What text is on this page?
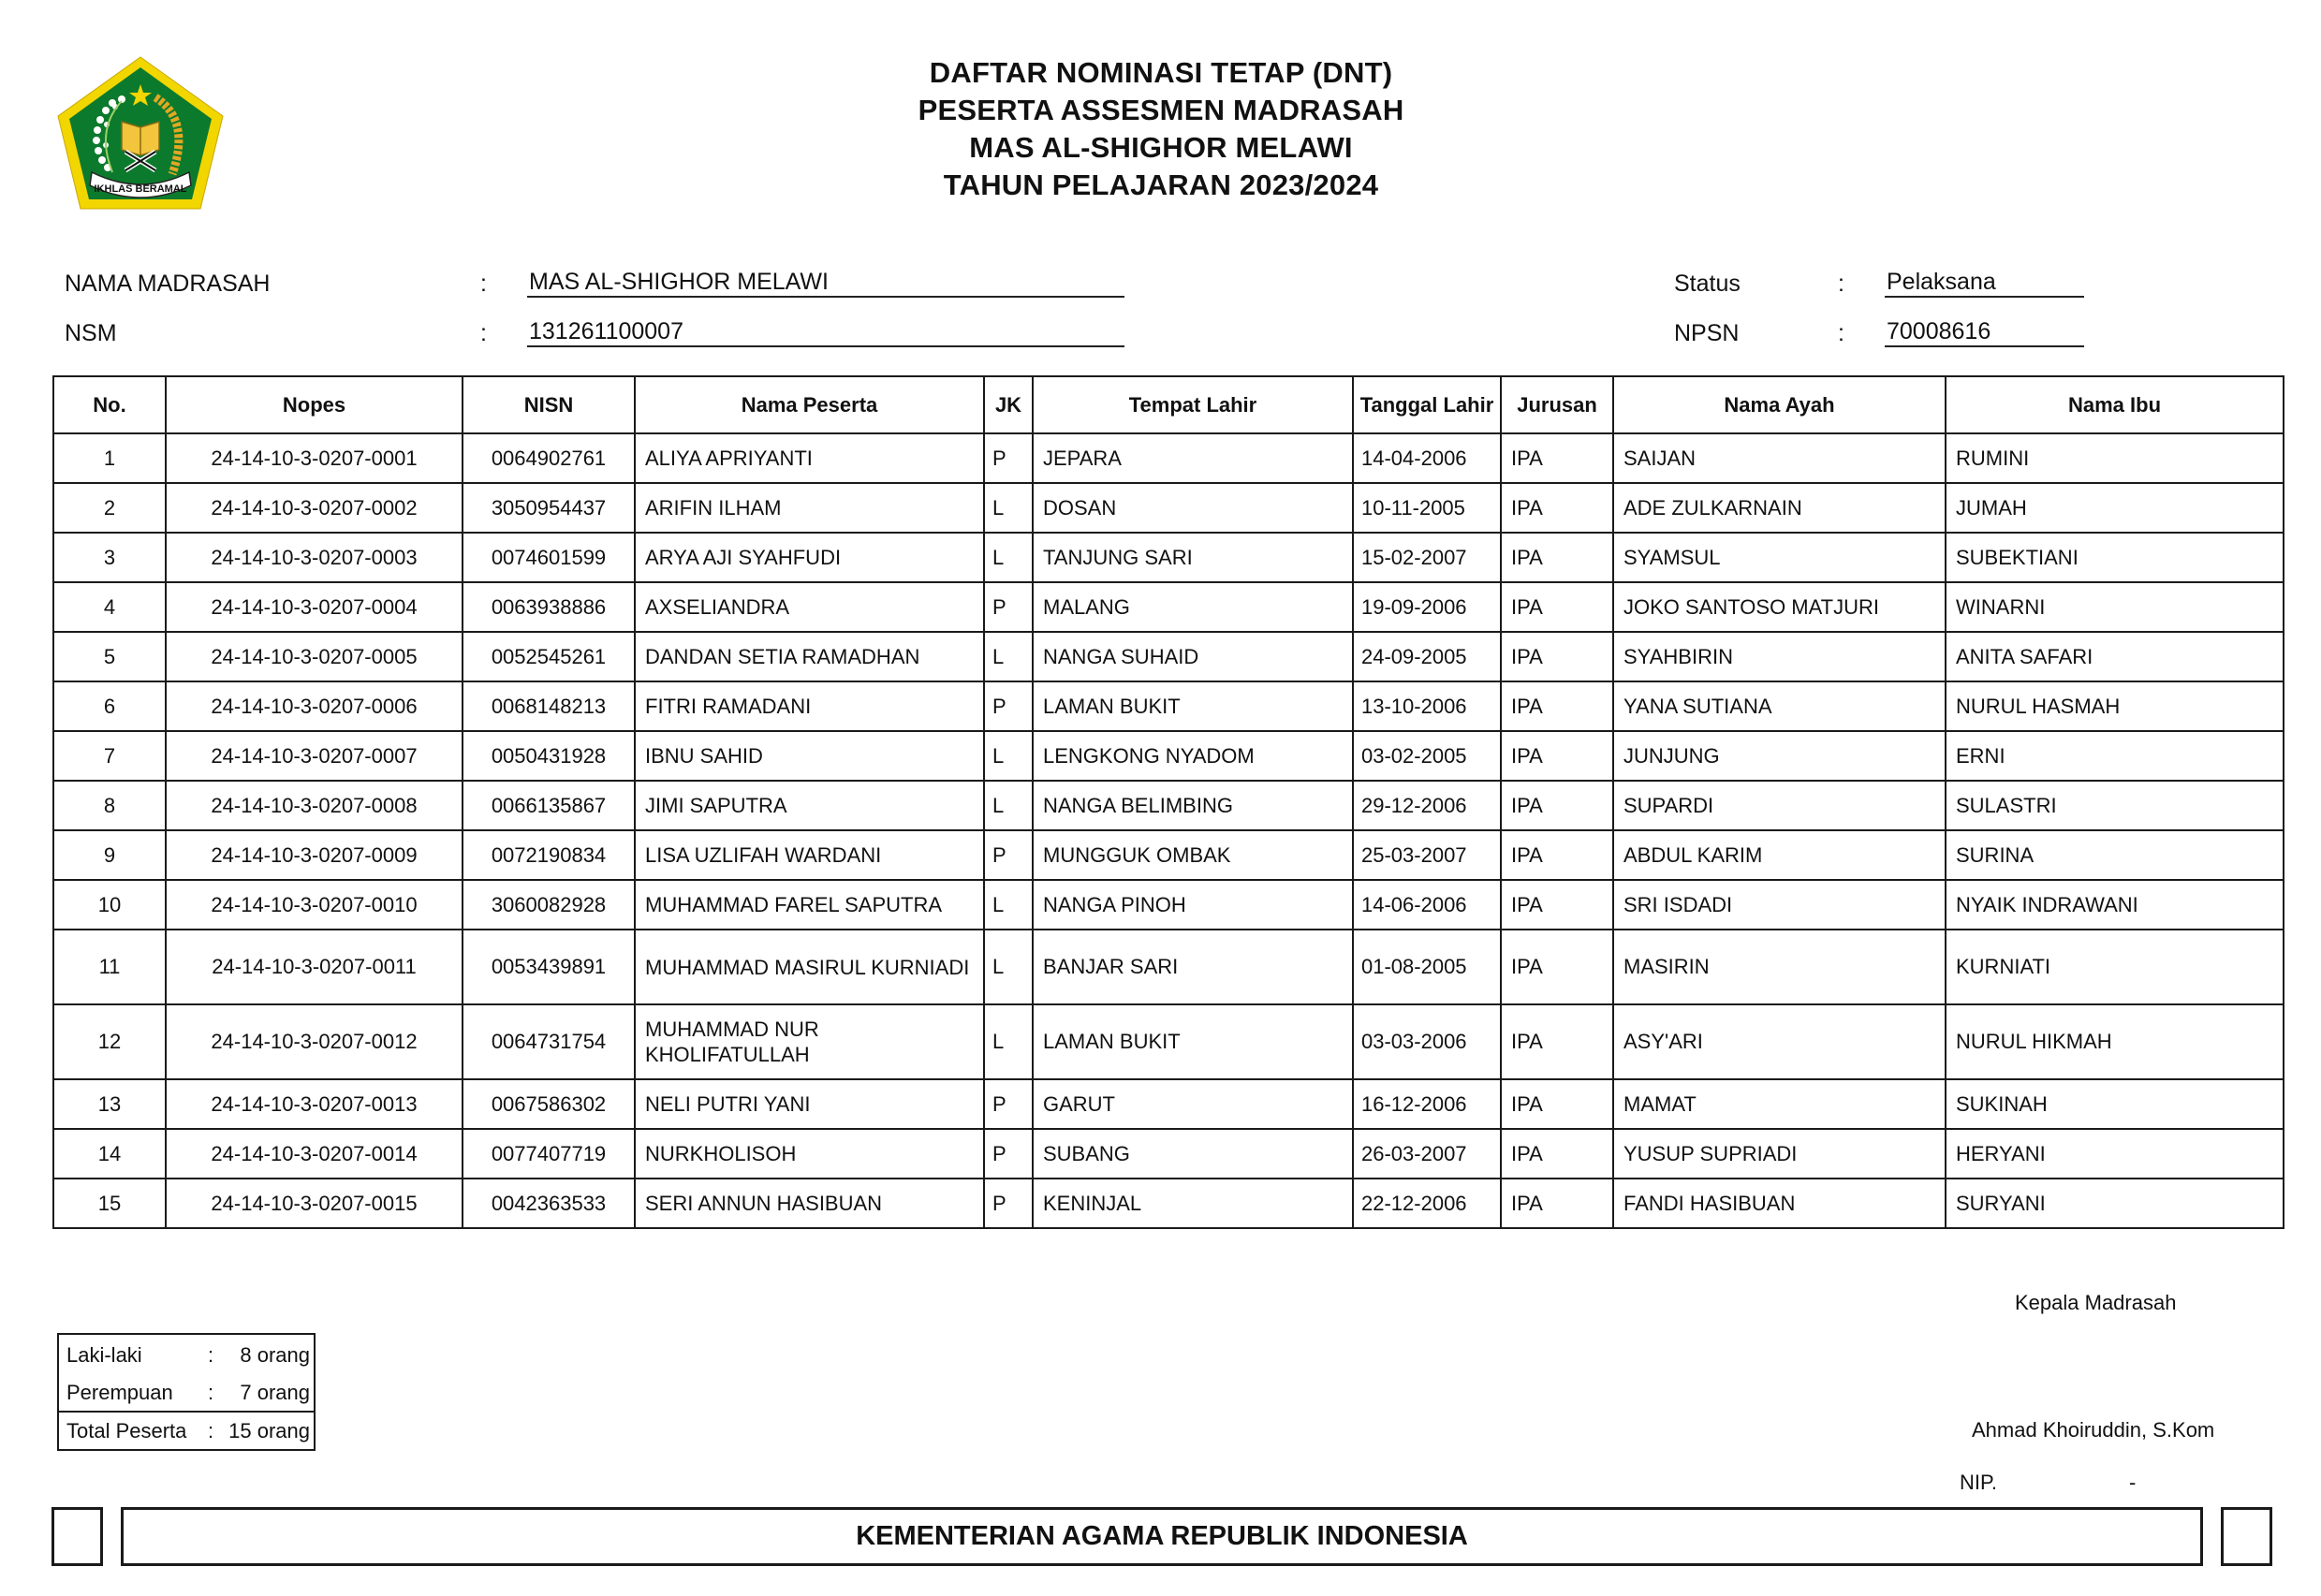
IKHLAS BERAMAL
DAFTAR NOMINASI TETAP (DNT)
PESERTA ASSESMEN MADRASAH
MAS AL-SHIGHOR MELAWI
TAHUN PELAJARAN 2023/2024
NAMA MADRASAH	: MAS AL-SHIGHOR MELAWI
NSM	: 131261100007
Status	: Pelaksana
NPSN	: 70008616
No.	Nopes	NISN	Nama Peserta	JK	Tempat Lahir	Tanggal Lahir	Jurusan	Nama Ayah	Nama Ibu
1	24-14-10-3-0207-0001	0064902761	ALIYA APRIYANTI	P	JEPARA	14-04-2006	IPA	SAIJAN	RUMINI
2	24-14-10-3-0207-0002	3050954437	ARIFIN ILHAM	L	DOSAN	10-11-2005	IPA	ADE ZULKARNAIN	JUMAH
3	24-14-10-3-0207-0003	0074601599	ARYA AJI SYAHFUDI	L	TANJUNG SARI	15-02-2007	IPA	SYAMSUL	SUBEKTIANI
4	24-14-10-3-0207-0004	0063938886	AXSELIANDRA	P	MALANG	19-09-2006	IPA	JOKO SANTOSO MATJURI	WINARNI
5	24-14-10-3-0207-0005	0052545261	DANDAN SETIA RAMADHAN	L	NANGA SUHAID	24-09-2005	IPA	SYAHBIRIN	ANITA SAFARI
6	24-14-10-3-0207-0006	0068148213	FITRI RAMADANI	P	LAMAN BUKIT	13-10-2006	IPA	YANA SUTIANA	NURUL HASMAH
7	24-14-10-3-0207-0007	0050431928	IBNU SAHID	L	LENGKONG NYADOM	03-02-2005	IPA	JUNJUNG	ERNI
8	24-14-10-3-0207-0008	0066135867	JIMI SAPUTRA	L	NANGA BELIMBING	29-12-2006	IPA	SUPARDI	SULASTRI
9	24-14-10-3-0207-0009	0072190834	LISA UZLIFAH WARDANI	P	MUNGGUK OMBAK	25-03-2007	IPA	ABDUL KARIM	SURINA
10	24-14-10-3-0207-0010	3060082928	MUHAMMAD FAREL SAPUTRA	L	NANGA PINOH	14-06-2006	IPA	SRI ISDADI	NYAIK INDRAWANI
11	24-14-10-3-0207-0011	0053439891	MUHAMMAD MASIRUL KURNIADI	L	BANJAR SARI	01-08-2005	IPA	MASIRIN	KURNIATI
12	24-14-10-3-0207-0012	0064731754	MUHAMMAD NUR KHOLIFATULLAH	L	LAMAN BUKIT	03-03-2006	IPA	ASY'ARI	NURUL HIKMAH
13	24-14-10-3-0207-0013	0067586302	NELI PUTRI YANI	P	GARUT	16-12-2006	IPA	MAMAT	SUKINAH
14	24-14-10-3-0207-0014	0077407719	NURKHOLISOH	P	SUBANG	26-03-2007	IPA	YUSUP SUPRIADI	HERYANI
15	24-14-10-3-0207-0015	0042363533	SERI ANNUN HASIBUAN	P	KENINJAL	22-12-2006	IPA	FANDI HASIBUAN	SURYANI
Laki-laki	: 8 orang
Perempuan : 7 orang
Total Peserta : 15 orang
Kepala Madrasah
Ahmad Khoiruddin, S.Kom
NIP.	-
KEMENTERIAN AGAMA REPUBLIK INDONESIA
